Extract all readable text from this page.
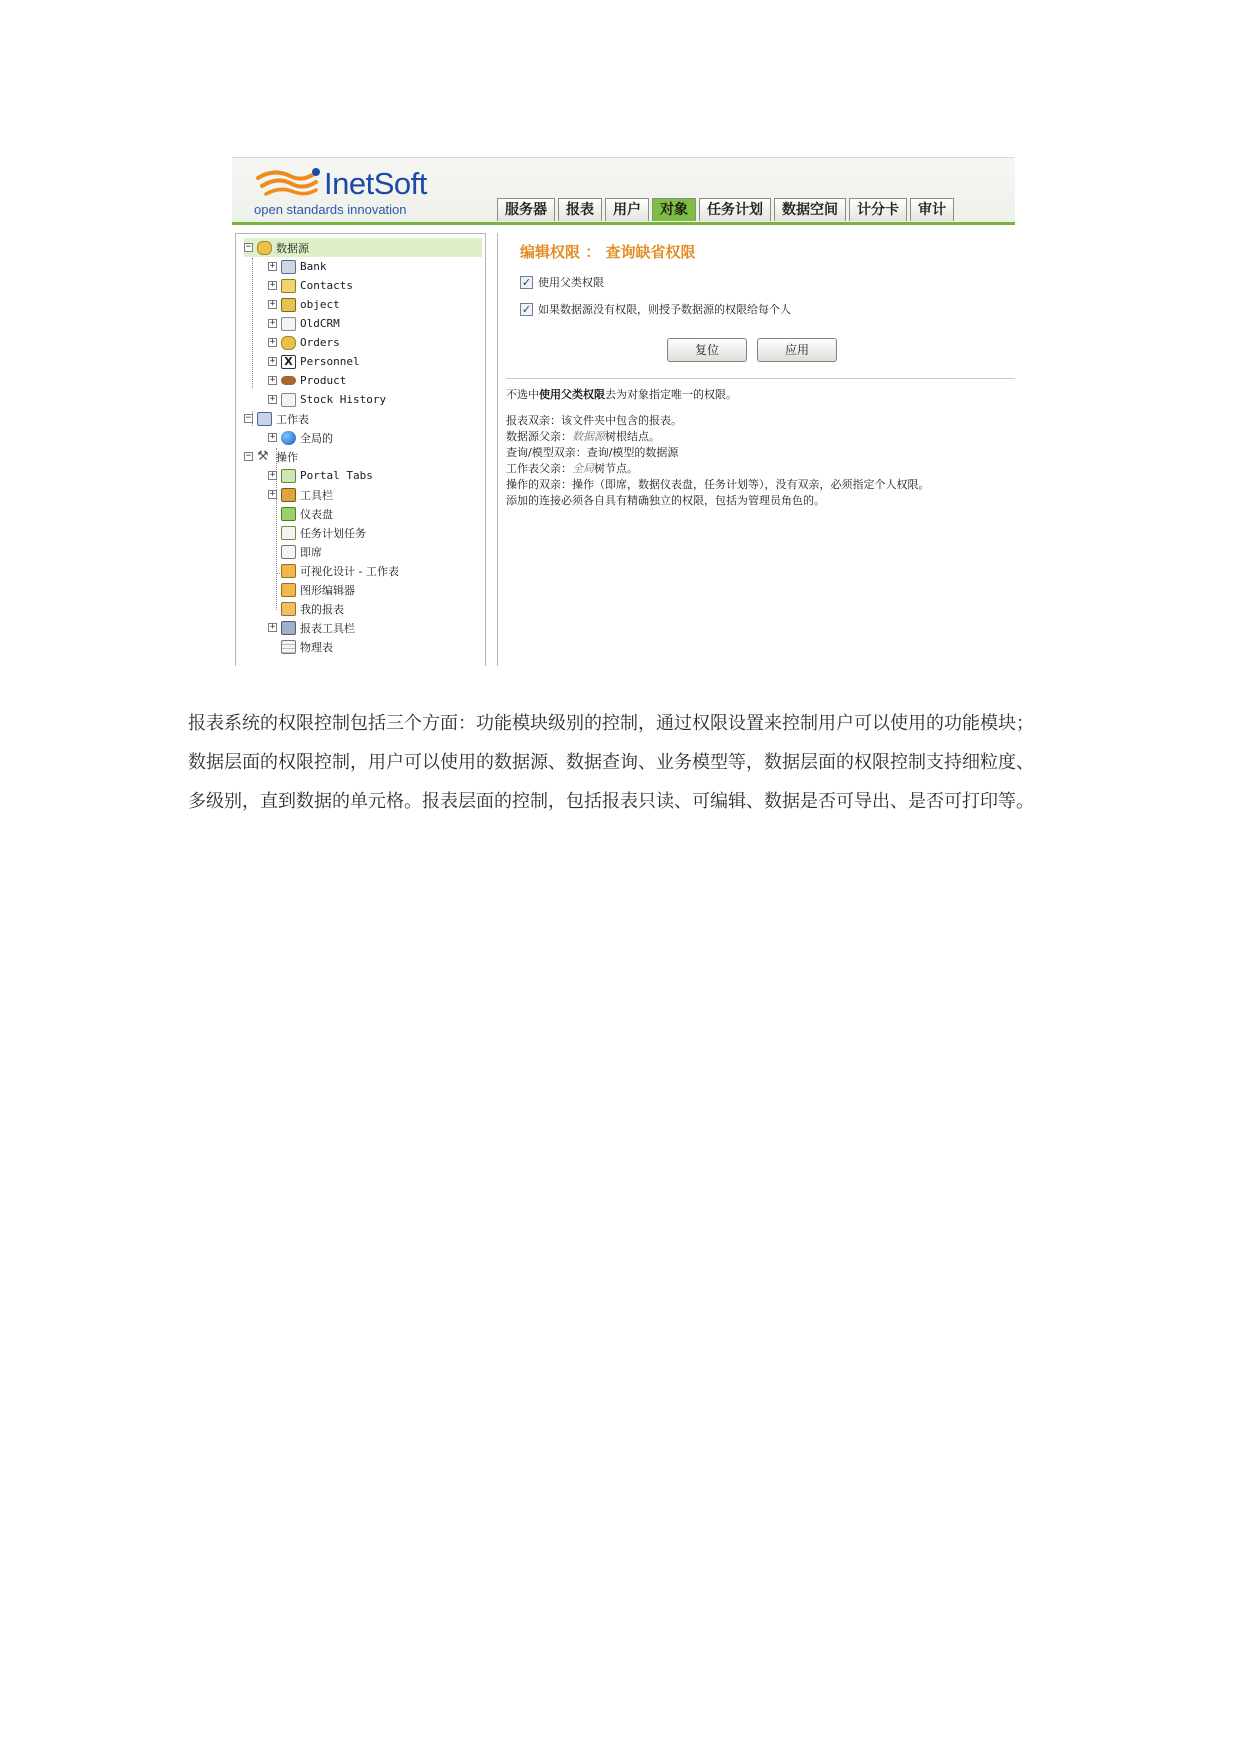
InetSoft
open standards innovation	服务器	报表	用户	对象	任务计划	数据空间	计分卡	审计
− 数据源
+ Bank
+ Contacts
+ object
+ OldCRM
+ Orders
+ X Personnel
+ Product
+ Stock History
− 工作表
+ 全局的
− ⚒ 操作
+ Portal Tabs
+ 工具栏
仪表盘
任务计划任务
即席
可视化设计 - 工作表
图形编辑器
我的报表
+ 报表工具栏
物理表
编辑权限 ： 查询缺省权限
✓ 使用父类权限
✓ 如果数据源没有权限，则授予数据源的权限给每个人
复位	应用
不选中使用父类权限去为对象指定唯一的权限。
报表双亲：该文件夹中包含的报表。
数据源父亲：数据源树根结点。
查询/模型双亲：查询/模型的数据源
工作表父亲：全局树节点。
操作的双亲：操作（即席，数据仪表盘，任务计划等），没有双亲，必须指定个人权限。
添加的连接必须各自具有精确独立的权限，包括为管理员角色的。

报表系统的权限控制包括三个方面：功能模块级别的控制，通过权限设置来控制用户可以使用的功能模块；

数据层面的权限控制，用户可以使用的数据源、数据查询、业务模型等，数据层面的权限控制支持细粒度、

多级别，直到数据的单元格。报表层面的控制，包括报表只读、可编辑、数据是否可导出、是否可打印等。
